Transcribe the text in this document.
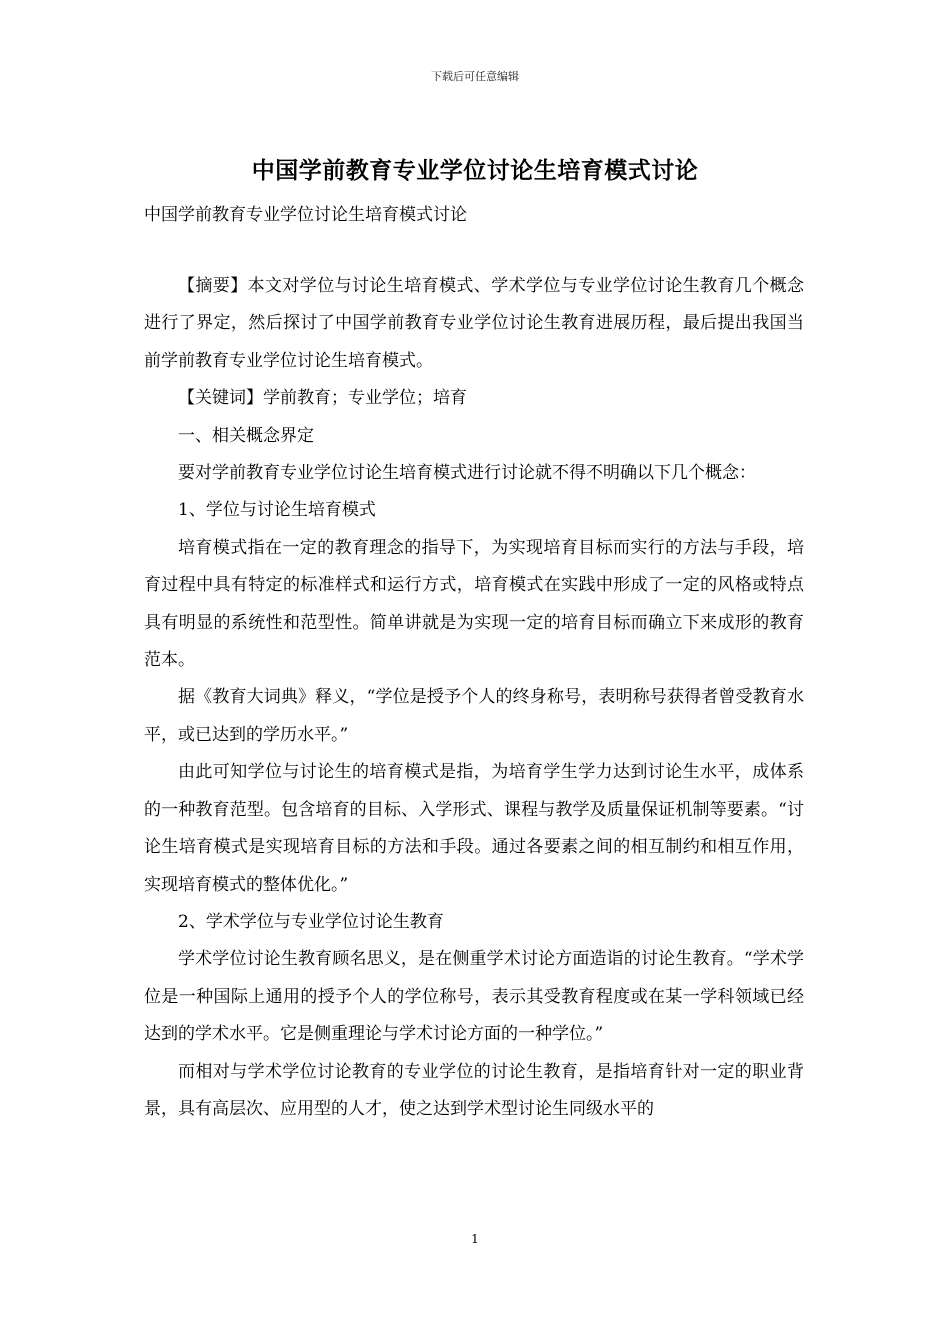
下载后可任意编辑
中国学前教育专业学位讨论生培育模式讨论
中国学前教育专业学位讨论生培育模式讨论

【摘要】本文对学位与讨论生培育模式、学术学位与专业学位讨论生教育几个概念进行了界定，然后探讨了中国学前教育专业学位讨论生教育进展历程，最后提出我国当前学前教育专业学位讨论生培育模式。

【关键词】学前教育；专业学位；培育

一、相关概念界定

要对学前教育专业学位讨论生培育模式进行讨论就不得不明确以下几个概念：

1、学位与讨论生培育模式

培育模式指在一定的教育理念的指导下，为实现培育目标而实行的方法与手段，培育过程中具有特定的标准样式和运行方式，培育模式在实践中形成了一定的风格或特点具有明显的系统性和范型性。简单讲就是为实现一定的培育目标而确立下来成形的教育范本。

据《教育大词典》释义，“学位是授予个人的终身称号，表明称号获得者曾受教育水平，或已达到的学历水平。”

由此可知学位与讨论生的培育模式是指，为培育学生学力达到讨论生水平，成体系的一种教育范型。包含培育的目标、入学形式、课程与教学及质量保证机制等要素。“讨论生培育模式是实现培育目标的方法和手段。通过各要素之间的相互制约和相互作用，实现培育模式的整体优化。”

2、学术学位与专业学位讨论生教育

学术学位讨论生教育顾名思义，是在侧重学术讨论方面造诣的讨论生教育。“学术学位是一种国际上通用的授予个人的学位称号，表示其受教育程度或在某一学科领域已经达到的学术水平。它是侧重理论与学术讨论方面的一种学位。”

而相对与学术学位讨论教育的专业学位的讨论生教育，是指培育针对一定的职业背景，具有高层次、应用型的人才，使之达到学术型讨论生同级水平的

1
